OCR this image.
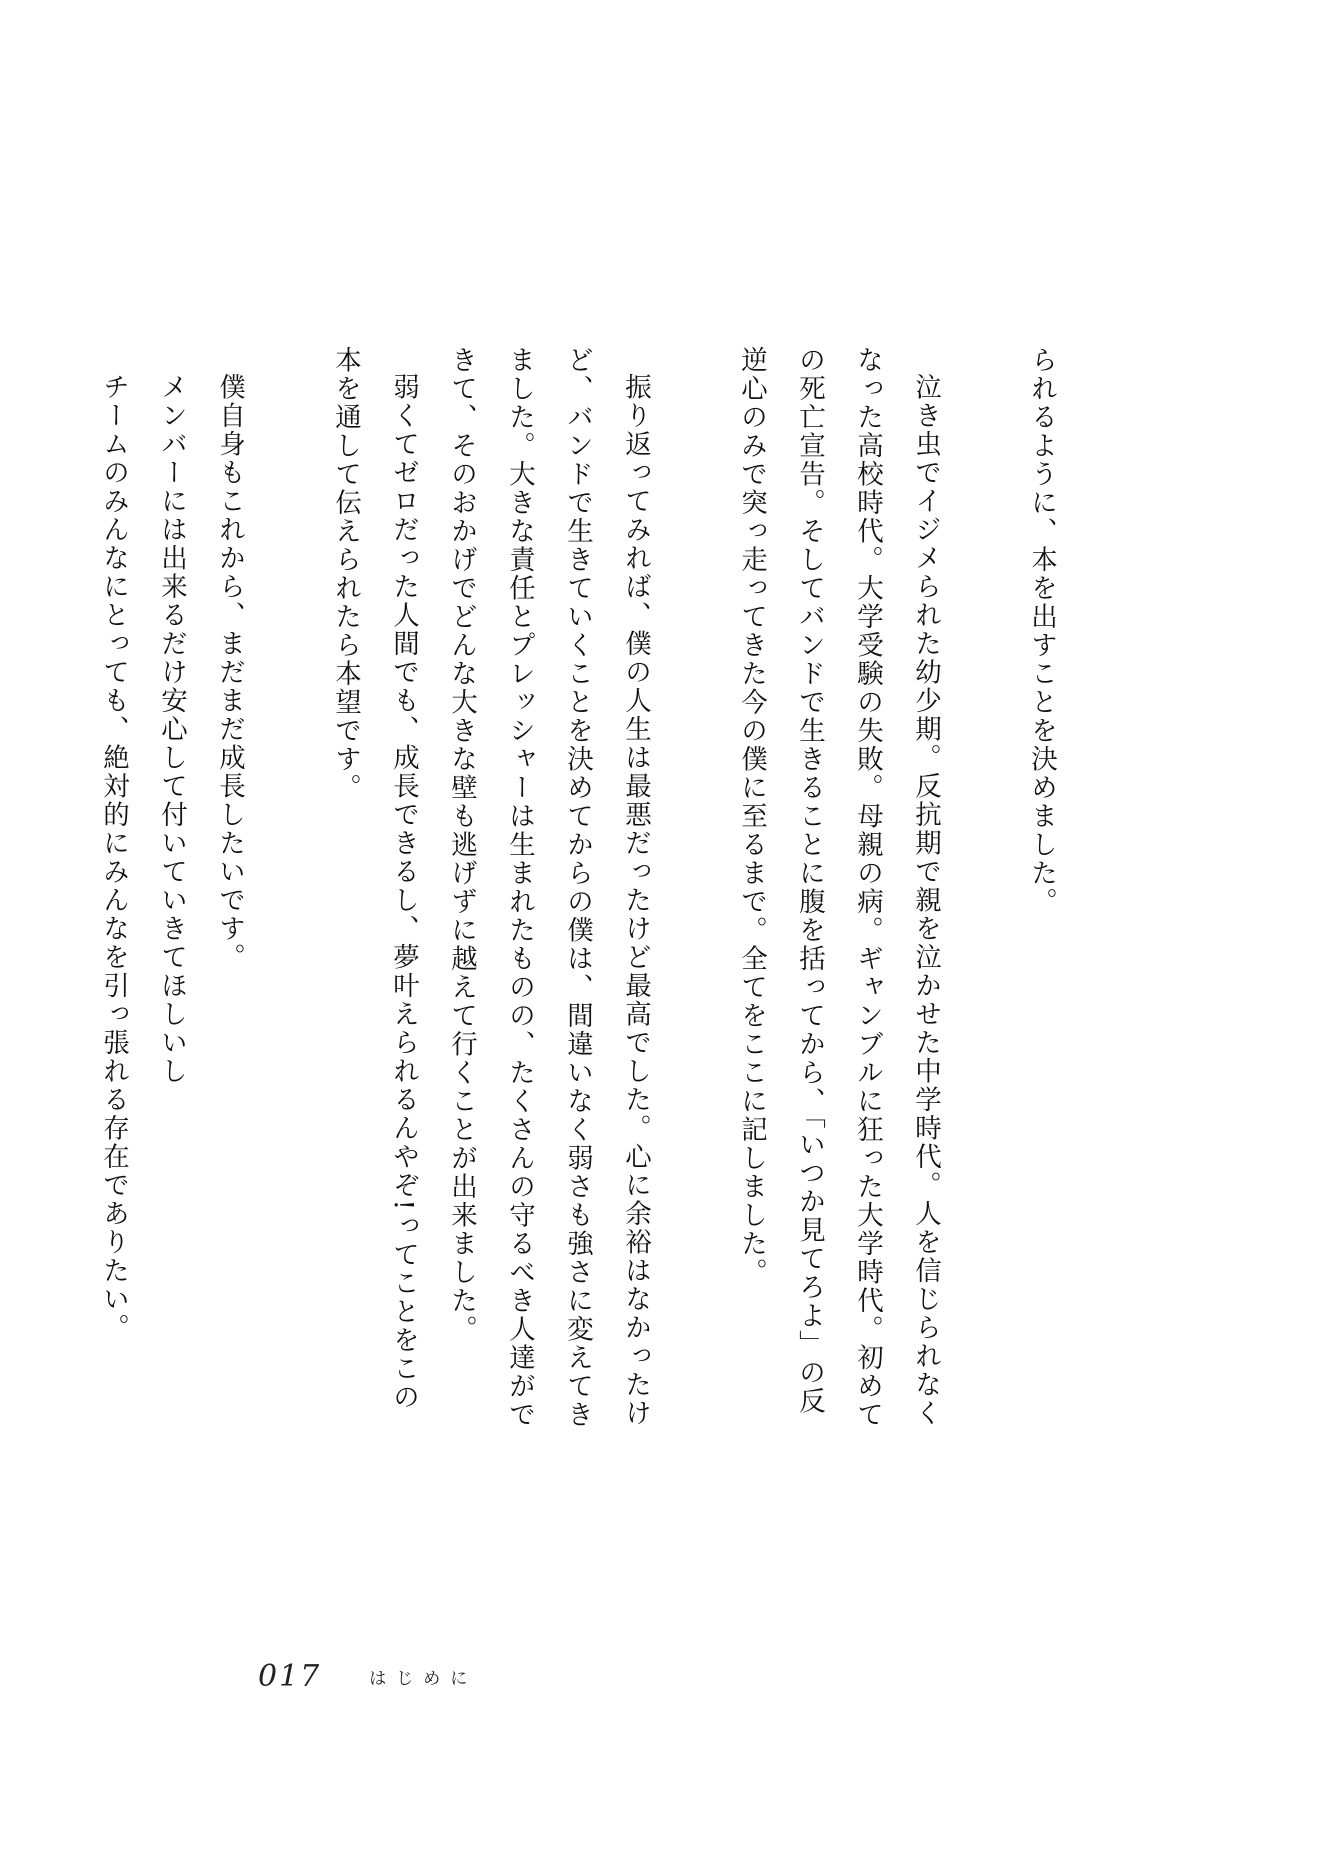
られるように、本を出すことを決めました。
泣き虫でイジメられた幼少期。反抗期で親を泣かせた中学時代。人を信じられなく
なった高校時代。大学受験の失敗。母親の病。ギャンブルに狂った大学時代。初めて
の死亡宣告。そしてバンドで生きることに腹を括ってから、「いつか見てろよ」の反
逆心のみで突っ走ってきた今の僕に至るまで。全てをここに記しました。
振り返ってみれば、僕の人生は最悪だったけど最高でした。心に余裕はなかったけ
ど、バンドで生きていくことを決めてからの僕は、間違いなく弱さも強さに変えてき
ました。大きな責任とプレッシャーは生まれたものの、たくさんの守るべき人達がで
きて、そのおかげでどんな大きな壁も逃げずに越えて行くことが出来ました。
弱くてゼロだった人間でも、成長できるし、夢叶えられるんやぞ!ってことをこの
本を通して伝えられたら本望です。
僕自身もこれから、まだまだ成長したいです。
メンバーには出来るだけ安心して付いていきてほしいし
チームのみんなにとっても、絶対的にみんなを引っ張れる存在でありたい。
017	はじめに
